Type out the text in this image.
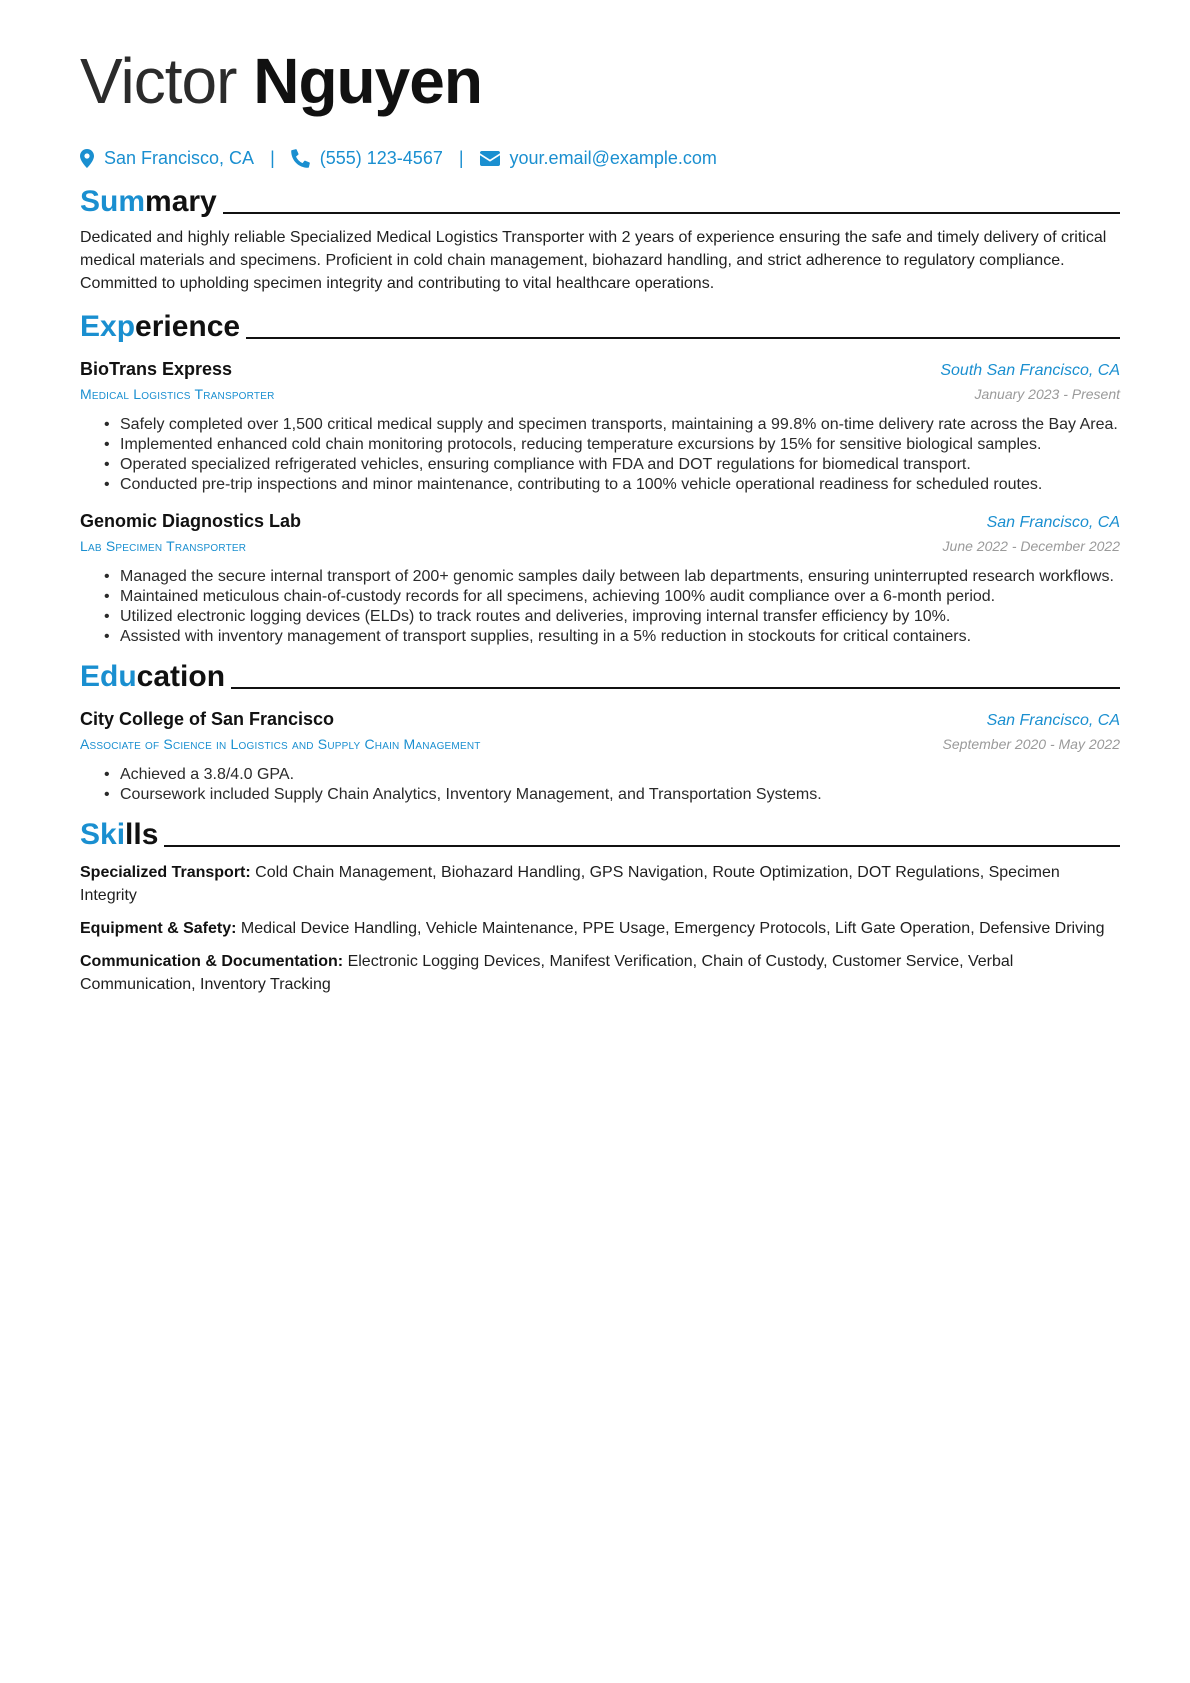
Victor Nguyen
San Francisco, CA |	(555) 123-4567 |	your.email@example.com
Summary

Dedicated and highly reliable Specialized Medical Logistics Transporter with 2 years of experience ensuring the safe and timely delivery of critical medical materials and specimens. Proficient in cold chain management, biohazard handling, and strict adherence to regulatory compliance. Committed to upholding specimen integrity and contributing to vital healthcare operations.

Experience
BioTrans Express	South San Francisco, CA
Medical Logistics Transporter	January 2023 - Present
• Safely completed over 1,500 critical medical supply and specimen transports, maintaining a 99.8% on-time delivery rate across the Bay Area.
• Implemented enhanced cold chain monitoring protocols, reducing temperature excursions by 15% for sensitive biological samples.
• Operated specialized refrigerated vehicles, ensuring compliance with FDA and DOT regulations for biomedical transport.
• Conducted pre-trip inspections and minor maintenance, contributing to a 100% vehicle operational readiness for scheduled routes.
Genomic Diagnostics Lab	San Francisco, CA
Lab Specimen Transporter	June 2022 - December 2022
• Managed the secure internal transport of 200+ genomic samples daily between lab departments, ensuring uninterrupted research workflows.
• Maintained meticulous chain-of-custody records for all specimens, achieving 100% audit compliance over a 6-month period.
• Utilized electronic logging devices (ELDs) to track routes and deliveries, improving internal transfer efficiency by 10%.
• Assisted with inventory management of transport supplies, resulting in a 5% reduction in stockouts for critical containers.
Education
City College of San Francisco	San Francisco, CA
Associate of Science in Logistics and Supply Chain Management	September 2020 - May 2022
• Achieved a 3.8/4.0 GPA.
• Coursework included Supply Chain Analytics, Inventory Management, and Transportation Systems.
Skills

Specialized Transport: Cold Chain Management, Biohazard Handling, GPS Navigation, Route Optimization, DOT Regulations, Specimen Integrity

Equipment & Safety: Medical Device Handling, Vehicle Maintenance, PPE Usage, Emergency Protocols, Lift Gate Operation, Defensive Driving

Communication & Documentation: Electronic Logging Devices, Manifest Verification, Chain of Custody, Customer Service, Verbal Communication, Inventory Tracking
